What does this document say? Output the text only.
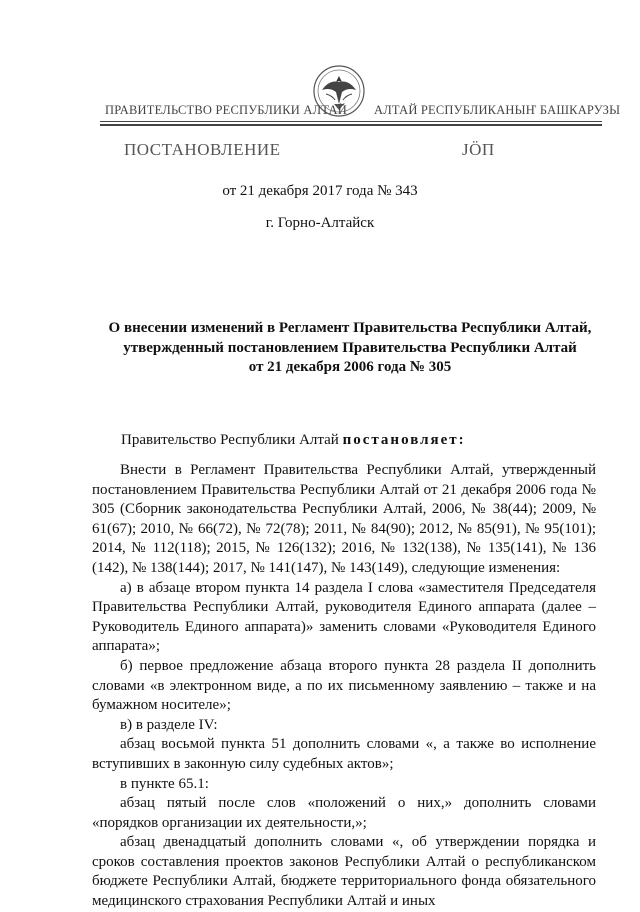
ПРАВИТЕЛЬСТВО РЕСПУБЛИКИ АЛТАЙ АЛТАЙ РЕСПУБЛИКАНЫҤ БАШКАРУЗЫ
ПОСТАНОВЛЕНИЕ	ЈӦП
от 21 декабря 2017 года № 343
г. Горно-Алтайск
О внесении изменений в Регламент Правительства Республики Алтай,
утвержденный постановлением Правительства Республики Алтай
от 21 декабря 2006 года № 305
Правительство Республики Алтай постановляет:

Внести в Регламент Правительства Республики Алтай, утвержденный постановлением Правительства Республики Алтай от 21 декабря 2006 года № 305 (Сборник законодательства Республики Алтай, 2006, № 38(44); 2009, № 61(67); 2010, № 66(72), № 72(78); 2011, № 84(90); 2012, № 85(91), № 95(101); 2014, № 112(118); 2015, № 126(132); 2016, № 132(138), № 135(141), № 136 (142), № 138(144); 2017, № 141(147), № 143(149), следующие изменения:

а) в абзаце втором пункта 14 раздела I слова «заместителя Председателя Правительства Республики Алтай, руководителя Единого аппарата (далее – Руководитель Единого аппарата)» заменить словами «Руководителя Единого аппарата»;

б) первое предложение абзаца второго пункта 28 раздела II дополнить словами «в электронном виде, а по их письменному заявлению – также и на бумажном носителе»;

в) в разделе IV:

абзац восьмой пункта 51 дополнить словами «, а также во исполнение вступивших в законную силу судебных актов»;

в пункте 65.1:

абзац пятый после слов «положений о них,» дополнить словами «порядков организации их деятельности,»;

абзац двенадцатый дополнить словами «, об утверждении порядка и сроков составления проектов законов Республики Алтай о республиканском бюджете Республики Алтай, бюджете территориального фонда обязательного медицинского страхования Республики Алтай и иных
